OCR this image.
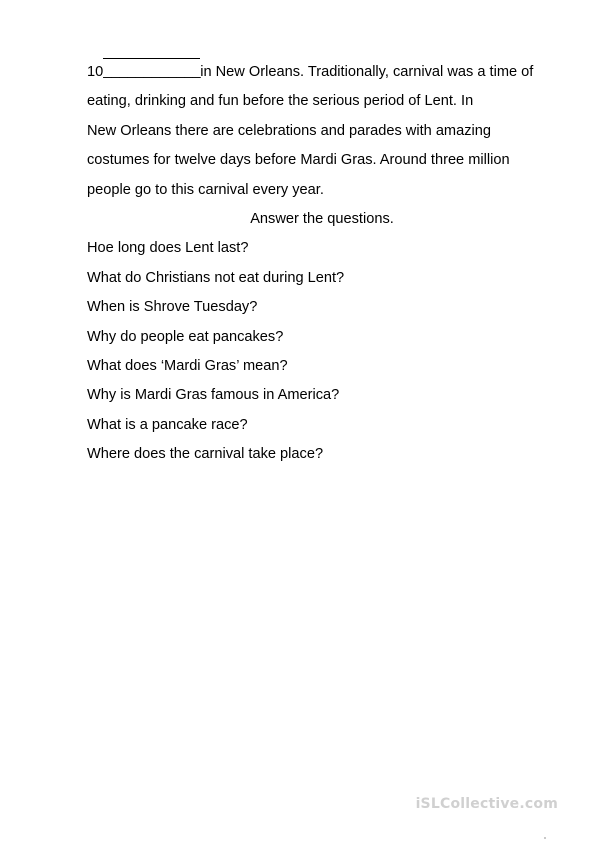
10____________in New Orleans. Traditionally, carnival was a time of
eating, drinking and fun before the serious period of Lent. In
New Orleans there are celebrations and parades with amazing
costumes for twelve days before Mardi Gras. Around three million
people go to this carnival every year.
Answer the questions.
Hoe long does Lent last?
What do Christians not eat during Lent?
When is Shrove Tuesday?
Why do people eat pancakes?
What does ‘Mardi Gras’ mean?
Why is Mardi Gras famous in America?
What is a pancake race?
Where does the carnival take place?
iSLCollective.com
